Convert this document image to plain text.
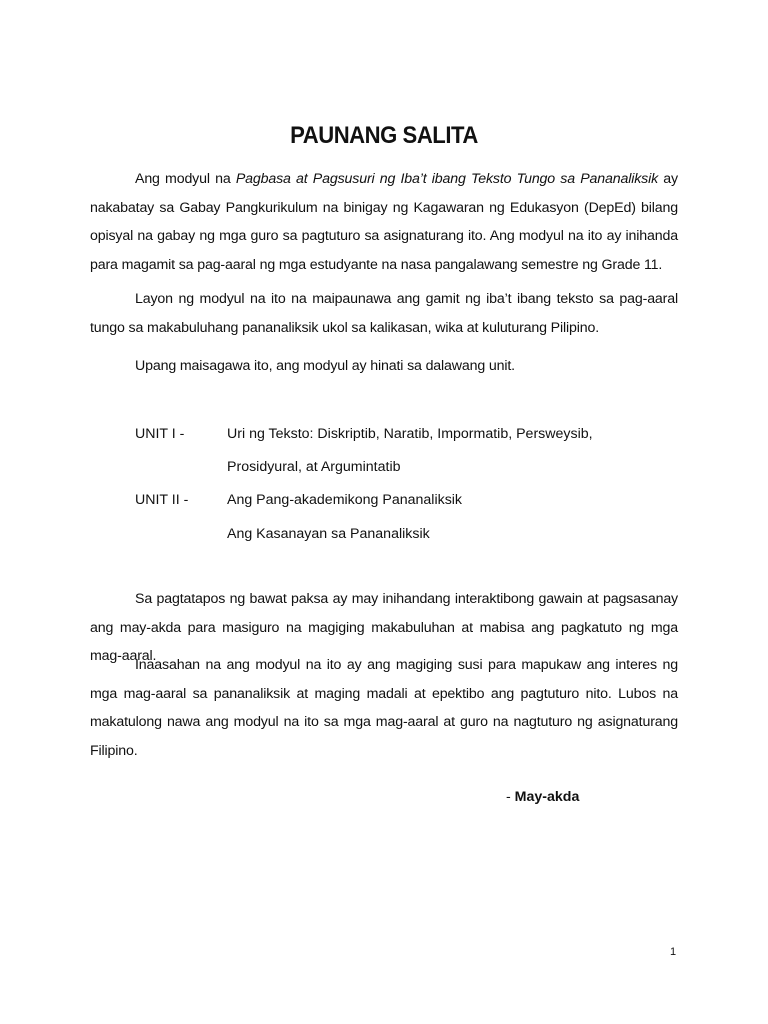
PAUNANG SALITA

Ang modyul na Pagbasa at Pagsusuri ng Iba’t ibang Teksto Tungo sa Pananaliksik ay nakabatay sa Gabay Pangkurikulum na binigay ng Kagawaran ng Edukasyon (DepEd) bilang opisyal na gabay ng mga guro sa pagtuturo sa asignaturang ito. Ang modyul na ito ay inihanda para magamit sa pag-aaral ng mga estudyante na nasa pangalawang semestre ng Grade 11.

Layon ng modyul na ito na maipaunawa ang gamit ng iba’t ibang teksto sa pag-aaral tungo sa makabuluhang pananaliksik ukol sa kalikasan, wika at kuluturang Pilipino.

Upang maisagawa ito, ang modyul ay hinati sa dalawang unit.

UNIT I -	Uri ng Teksto: Diskriptib, Naratib, Impormatib, Persweysib,
Prosidyural, at Argumintatib
UNIT II -	Ang Pang-akademikong Pananaliksik
Ang Kasanayan sa Pananaliksik

Sa pagtatapos ng bawat paksa ay may inihandang interaktibong gawain at pagsasanay ang may-akda para masiguro na magiging makabuluhan at mabisa ang pagkatuto ng mga mag-aaral.

Inaasahan na ang modyul na ito ay ang magiging susi para mapukaw ang interes ng mga mag-aaral sa pananaliksik at maging madali at epektibo ang pagtuturo nito. Lubos na makatulong nawa ang modyul na ito sa mga mag-aaral at guro na nagtuturo ng asignaturang Filipino.

- May-akda
1
